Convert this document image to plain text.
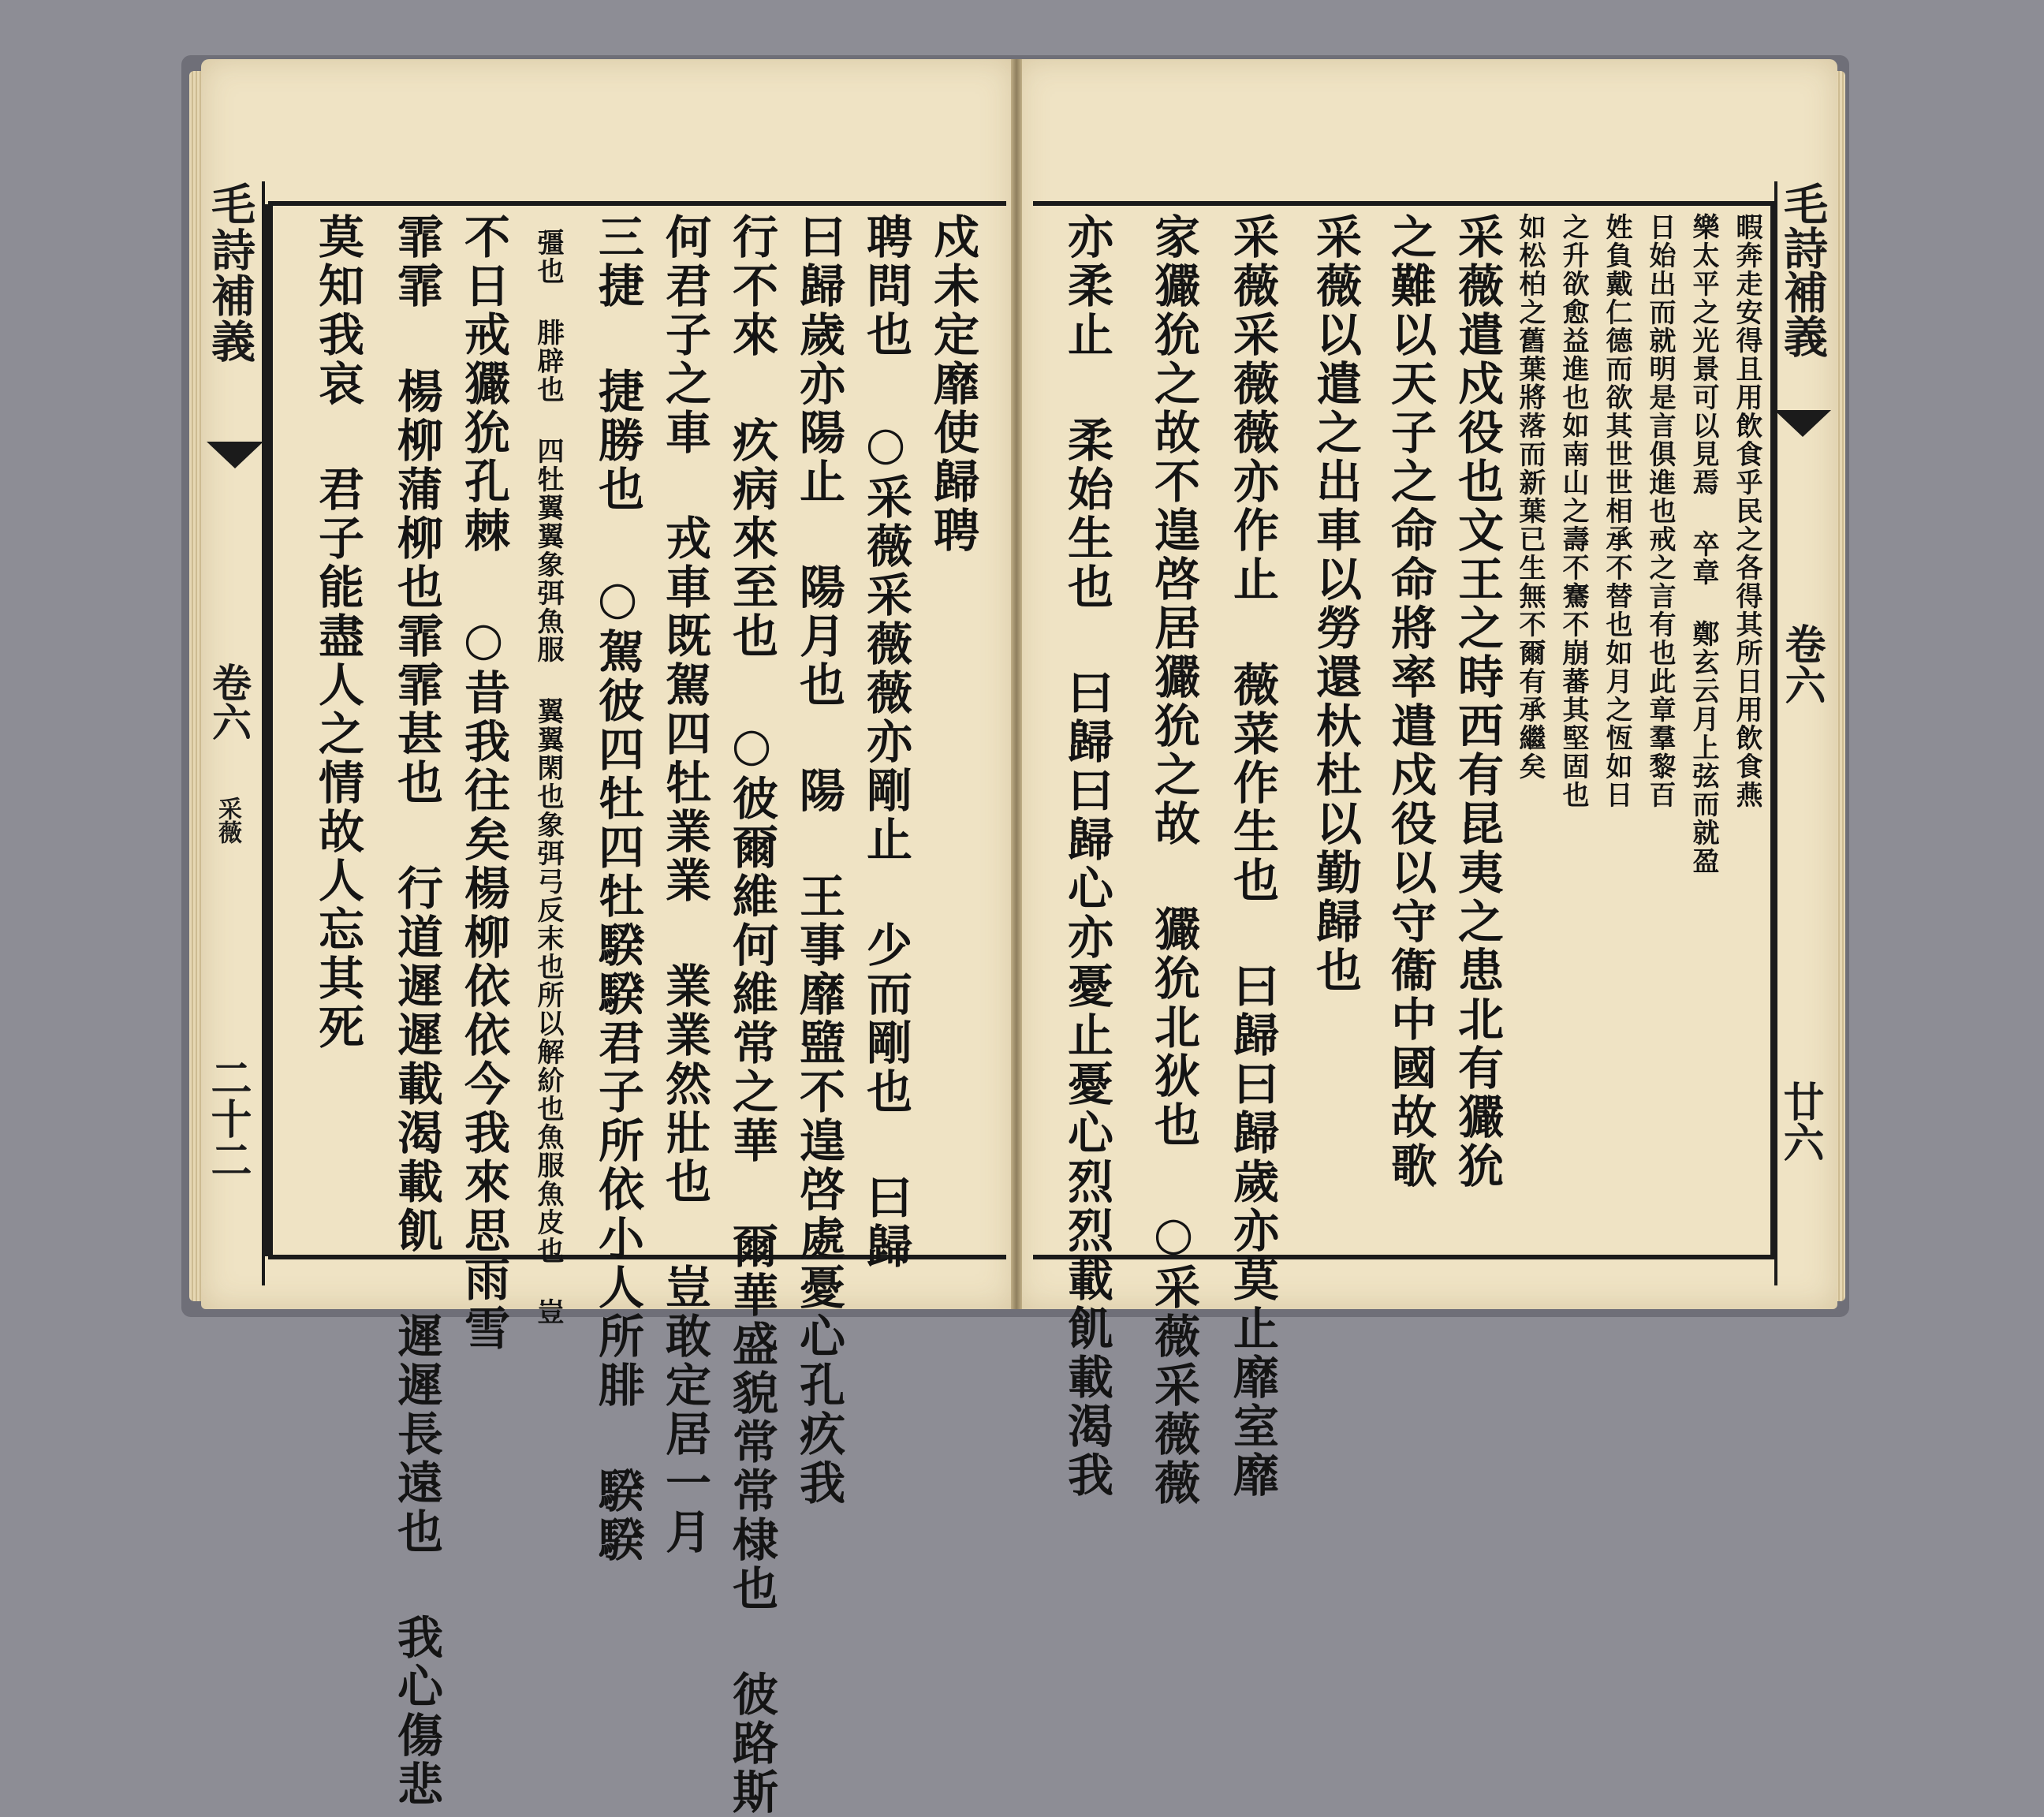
毛詩補義
卷六
采薇
二十二
戍未定靡使歸聘
聘問也 ○采薇采薇薇亦剛止 少而剛也 曰歸
曰歸歲亦陽止 陽月也 陽 王事靡盬不遑啓處憂心孔疚我
行不來 疚病來至也 ○彼爾維何維常之華 爾華盛貌常常棣也 彼路斯
何君子之車 戎車既駕四牡業業 業業然壯也 豈敢定居一月
三捷 捷勝也 ○駕彼四牡四牡騤騤君子所依小人所腓 騤騤
彊也 腓辟也 四牡翼翼象弭魚服 翼翼閑也象弭弓反末也所以解紒也魚服魚皮也 豈
不日戒玁狁孔棘 ○昔我往矣楊柳依依今我來思雨雪
霏霏 楊柳蒲柳也霏霏甚也 行道遲遲載渴載飢 遲遲長遠也 我心傷悲
莫知我哀 君子能盡人之情故人忘其死	毛詩補義
卷六
廿六
暇奔走安得且用飲食乎民之各得其所日用飲食燕
樂太平之光景可以見焉 卒章 鄭玄云月上弦而就盈
日始出而就明是言俱進也戒之言有也此章羣黎百
姓負戴仁德而欲其世世相承不替也如月之恆如日
之升欲愈益進也如南山之壽不騫不崩蕃其堅固也
如松柏之舊葉將落而新葉已生無不爾有承繼矣
采薇遣戍役也文王之時西有昆夷之患北有玁狁
之難以天子之命命將率遣戍役以守衞中國故歌
采薇以遣之出車以勞還杕杜以勤歸也
采薇采薇薇亦作止 薇菜作生也 曰歸曰歸歲亦莫止靡室靡
家玁狁之故不遑啓居玁狁之故 玁狁北狄也 ○采薇采薇薇
亦柔止 柔始生也 曰歸曰歸心亦憂止憂心烈烈載飢載渴我
